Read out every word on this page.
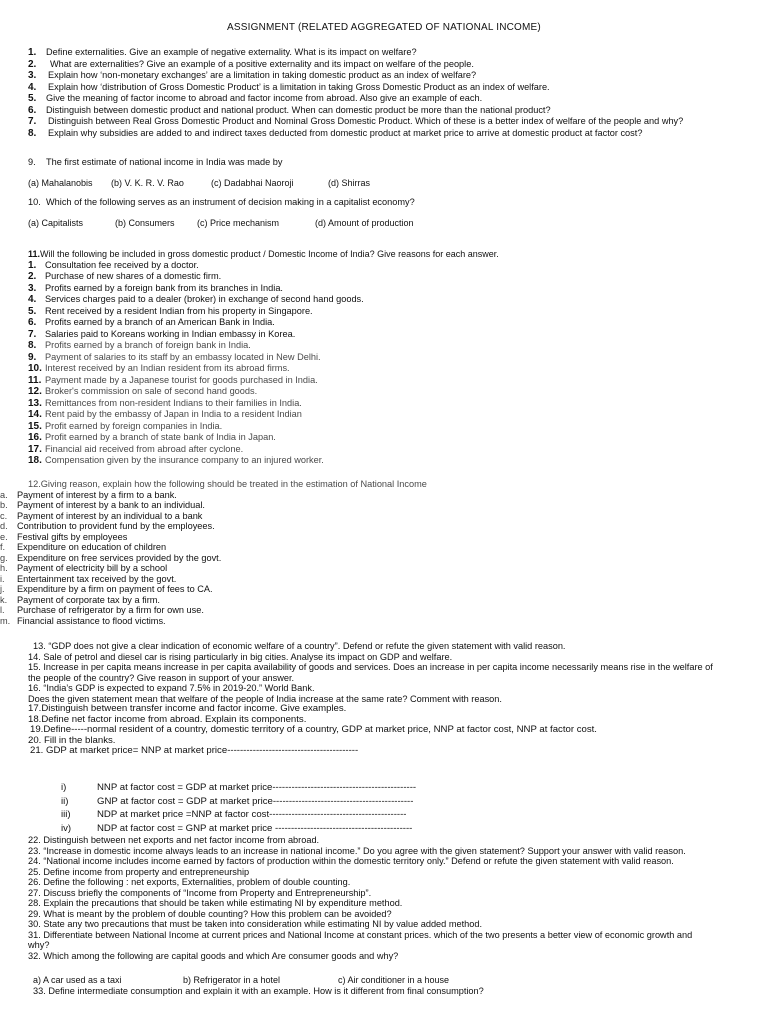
ASSIGNMENT (RELATED AGGREGATED OF NATIONAL INCOME)
1. Define externalities. Give an example of negative externality. What is its impact on welfare?
2. What are externalities? Give an example of a positive externality and its impact on welfare of the people.
3. Explain how ‘non-monetary exchanges’ are a limitation in taking domestic product as an index of welfare?
4. Explain how ‘distribution of Gross Domestic Product’ is a limitation in taking Gross Domestic Product as an index of welfare.
5. Give the meaning of factor income to abroad and factor income from abroad. Also give an example of each.
6. Distinguish between domestic product and national product. When can domestic product be more than the national product?
7. Distinguish between Real Gross Domestic Product and Nominal Gross Domestic Product. Which of these is a better index of welfare of the people and why?
8. Explain why subsidies are added to and indirect taxes deducted from domestic product at market price to arrive at domestic product at factor cost?
9. The first estimate of national income in India was made by
(a) Mahalanobis	(b) V. K. R. V. Rao	(c) Dadabhai Naoroji	(d) Shirras
10. Which of the following serves as an instrument of decision making in a capitalist economy?
(a) Capitalists	(b) Consumers	(c) Price mechanism	(d) Amount of production
11.Will the following be included in gross domestic product / Domestic Income of India? Give reasons for each answer.
1. Consultation fee received by a doctor.
2. Purchase of new shares of a domestic firm.
3. Profits earned by a foreign bank from its branches in India.
4. Services charges paid to a dealer (broker) in exchange of second hand goods.
5. Rent received by a resident Indian from his property in Singapore.
6. Profits earned by a branch of an American Bank in India.
7. Salaries paid to Koreans working in Indian embassy in Korea.
8. Profits earned by a branch of foreign bank in India.
9. Payment of salaries to its staff by an embassy located in New Delhi.
10. Interest received by an Indian resident from its abroad firms.
11. Payment made by a Japanese tourist for goods purchased in India.
12. Broker's commission on sale of second hand goods.
13. Remittances from non-resident Indians to their families in India.
14. Rent paid by the embassy of Japan in India to a resident Indian
15. Profit earned by foreign companies in India.
16. Profit earned by a branch of state bank of India in Japan.
17. Financial aid received from abroad after cyclone.
18. Compensation given by the insurance company to an injured worker.
12.Giving reason, explain how the following should be treated in the estimation of National Income
a. Payment of interest by a firm to a bank.
b. Payment of interest by a bank to an individual.
c. Payment of interest by an individual to a bank
d. Contribution to provident fund by the employees.
e. Festival gifts by employees
f. Expenditure on education of children
g. Expenditure on free services provided by the govt.
h. Payment of electricity bill by a school
i. Entertainment tax received by the govt.
j. Expenditure by a firm on payment of fees to CA.
k. Payment of corporate tax by a firm.
l. Purchase of refrigerator by a firm for own use.
m. Financial assistance to flood victims.
13. “GDP does not give a clear indication of economic welfare of a country”. Defend or refute the given statement with valid reason.
14. Sale of petrol and diesel car is rising particularly in big cities. Analyse its impact on GDP and welfare.
15. Increase in per capita means increase in per capita availability of goods and services. Does an increase in per capita income necessarily means rise in the welfare of
the people of the country? Give reason in support of your answer.
16. “India’s GDP is expected to expand 7.5% in 2019-20.” World Bank.
Does the given statement mean that welfare of the people of India increase at the same rate? Comment with reason.
17.Distinguish between transfer income and factor income. Give examples.
18.Define net factor income from abroad. Explain its components.
19.Define-----normal resident of a country, domestic territory of a country, GDP at market price, NNP at factor cost, NNP at factor cost.
20. Fill in the blanks.
21. GDP at market price= NNP at market price-----------------------------------------
i)	NNP at factor cost = GDP at market price---------------------------------------------
ii)	GNP at factor cost = GDP at market price--------------------------------------------
iii)	NDP at market price =NNP at factor cost-------------------------------------------
iv)	NDP at factor cost = GNP at market price -------------------------------------------
22. Distinguish between net exports and net factor income from abroad.
23. “Increase in domestic income always leads to an increase in national income.” Do you agree with the given statement? Support your answer with valid reason.
24. “National income includes income earned by factors of production within the domestic territory only.” Defend or refute the given statement with valid reason.
25. Define income from property and entrepreneurship
26. Define the following : net exports, Externalities, problem of double counting.
27. Discuss briefly the components of “Income from Property and Entrepreneurship”.
28. Explain the precautions that should be taken while estimating NI by expenditure method.
29. What is meant by the problem of double counting? How this problem can be avoided?
30. State any two precautions that must be taken into consideration while estimating NI by value added method.
31. Differentiate between National Income at current prices and National Income at constant prices. which of the two presents a better view of economic growth and
why?
32. Which among the following are capital goods and which Are consumer goods and why?
a) A car used as a taxi	b) Refrigerator in a hotel	c) Air conditioner in a house
33. Define intermediate consumption and explain it with an example. How is it different from final consumption?
